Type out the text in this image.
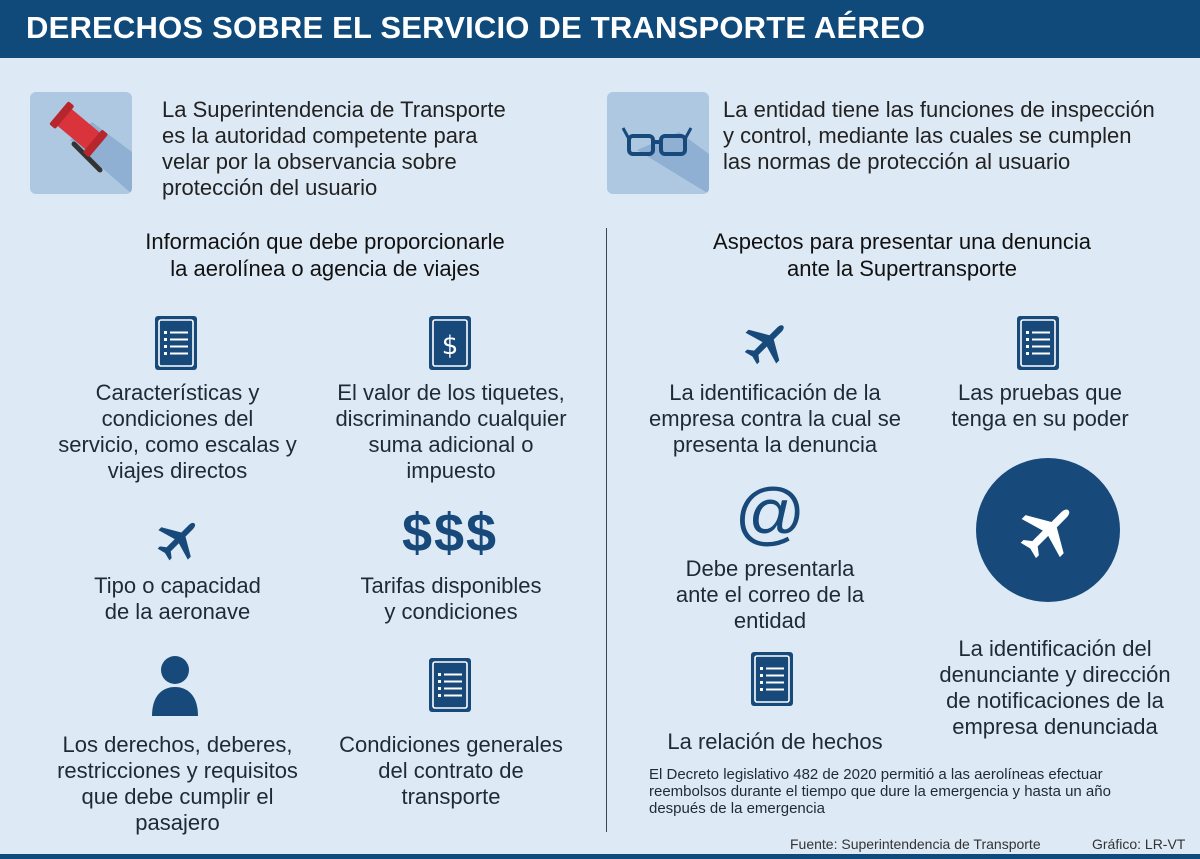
DERECHOS SOBRE EL SERVICIO DE TRANSPORTE AÉREO
La Superintendencia de Transporte
es la autoridad competente para
velar por la observancia sobre
protección del usuario
La entidad tiene las funciones de inspección
y control, mediante las cuales se cumplen
las normas de protección al usuario
Información que debe proporcionarle
la aerolínea o agencia de viajes
Aspectos para presentar una denuncia
ante la Supertransporte
Características y
condiciones del
servicio, como escalas y
viajes directos
$
El valor de los tiquetes,
discriminando cualquier
suma adicional o
impuesto
Tipo o capacidad
de la aeronave
$$$
Tarifas disponibles
y condiciones
Los derechos, deberes,
restricciones y requisitos
que debe cumplir el
pasajero
Condiciones generales
del contrato de
transporte
La identificación de la
empresa contra la cual se
presenta la denuncia
Las pruebas que
tenga en su poder
@
Debe presentarla
ante el correo de la
entidad
La identificación del
denunciante y dirección
de notificaciones de la
empresa denunciada
La relación de hechos
El Decreto legislativo 482 de 2020 permitió a las aerolíneas efectuar
reembolsos durante el tiempo que dure la emergencia y hasta un año
después de la emergencia
Fuente: Superintendencia de Transporte	Gráfico: LR-VT
